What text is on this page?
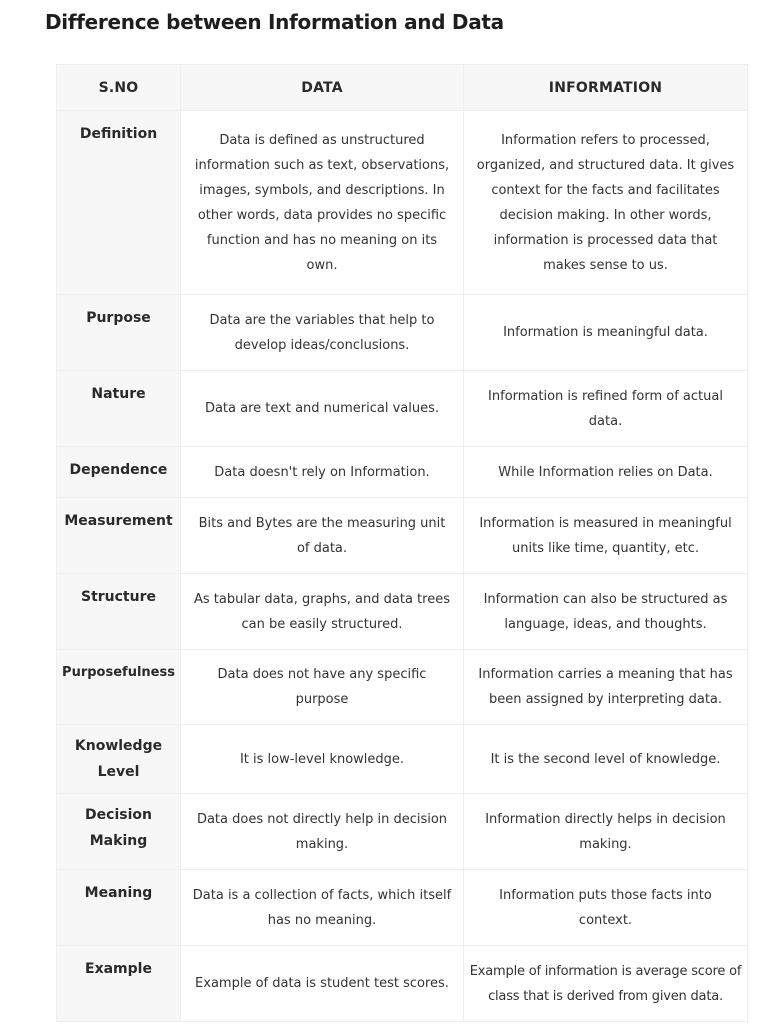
Difference between Information and Data
S.NO	DATA	INFORMATION
Definition	Data is defined as unstructured information such as text, observations, images, symbols, and descriptions. In other words, data provides no specific function and has no meaning on its own.	Information refers to processed, organized, and structured data. It gives context for the facts and facilitates decision making. In other words, information is processed data that makes sense to us.
Purpose	Data are the variables that help to develop ideas/conclusions.	Information is meaningful data.
Nature	Data are text and numerical values.	Information is refined form of actual data.
Dependence	Data doesn't rely on Information.	While Information relies on Data.
Measurement	Bits and Bytes are the measuring unit of data.	Information is measured in meaningful units like time, quantity, etc.
Structure	As tabular data, graphs, and data trees can be easily structured.	Information can also be structured as language, ideas, and thoughts.
Purposefulness	Data does not have any specific purpose	Information carries a meaning that has been assigned by interpreting data.
Knowledge Level	It is low-level knowledge.	It is the second level of knowledge.
Decision Making	Data does not directly help in decision making.	Information directly helps in decision making.
Meaning	Data is a collection of facts, which itself has no meaning.	Information puts those facts into context.
Example	Example of data is student test scores.	Example of information is average score of class that is derived from given data.
